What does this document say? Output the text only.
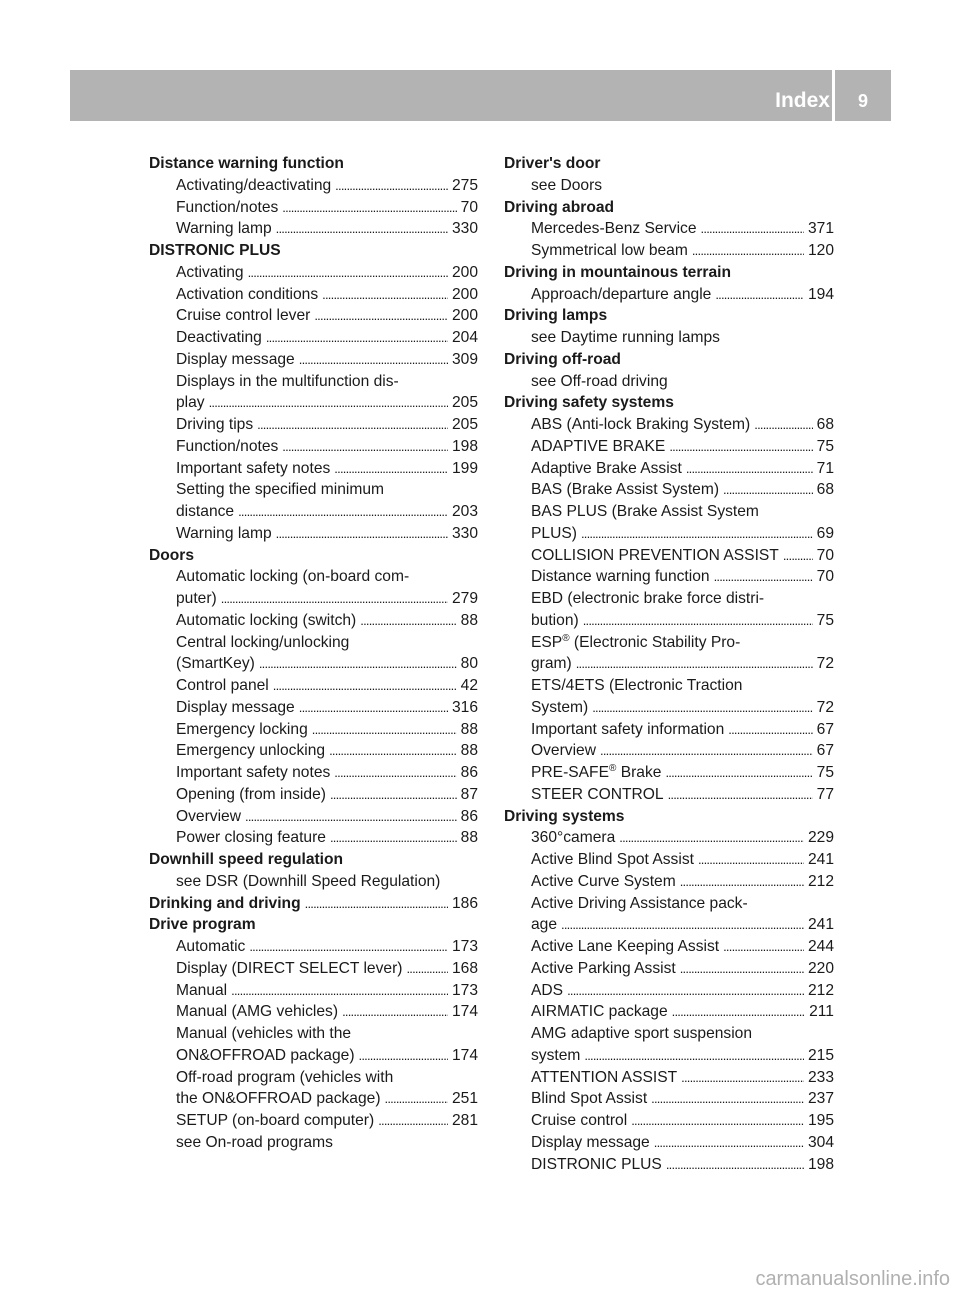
Index	9
Distance warning function
Activating/deactivating . . .	275
Function/notes . . .	70
Warning lamp . . .	330
DISTRONIC PLUS
Activating . . .	200
Activation conditions . . .	200
Cruise control lever . . .	200
Deactivating . . .	204
Display message . . .	309
Displays in the multifunction dis-
play . . .	205
Driving tips . . .	205
Function/notes . . .	198
Important safety notes . . .	199
Setting the specified minimum
distance . . .	203
Warning lamp . . .	330
Doors
Automatic locking (on-board com-
puter) . . .	279
Automatic locking (switch) . . .	88
Central locking/unlocking
(SmartKey) . . .	80
Control panel . . .	42
Display message . . .	316
Emergency locking . . .	88
Emergency unlocking . . .	88
Important safety notes . . .	86
Opening (from inside) . . .	87
Overview . . .	86
Power closing feature . . .	88
Downhill speed regulation
see DSR (Downhill Speed Regulation)
Drinking and driving . . .	186
Drive program
Automatic . . .	173
Display (DIRECT SELECT lever) . . .	168
Manual . . .	173
Manual (AMG vehicles) . . .	174
Manual (vehicles with the
ON&OFFROAD package) . . .	174
Off-road program (vehicles with
the ON&OFFROAD package) . . .	251
SETUP (on-board computer) . . .	281
see On-road programs
Driver's door
see Doors
Driving abroad
Mercedes-Benz Service . . .	371
Symmetrical low beam . . .	120
Driving in mountainous terrain
Approach/departure angle . . .	194
Driving lamps
see Daytime running lamps
Driving off-road
see Off-road driving
Driving safety systems
ABS (Anti-lock Braking System) . . .	68
ADAPTIVE BRAKE . . .	75
Adaptive Brake Assist . . .	71
BAS (Brake Assist System) . . .	68
BAS PLUS (Brake Assist System
PLUS) . . .	69
COLLISION PREVENTION ASSIST . . . 70
Distance warning function . . .	70
EBD (electronic brake force distri-
bution) . . .	75
ESP® (Electronic Stability Pro-
gram) . . .	72
ETS/4ETS (Electronic Traction
System) . . .	72
Important safety information . . .	67
Overview . . .	67
PRE-SAFE® Brake . . .	75
STEER CONTROL . . .	77
Driving systems
360°camera . . .	229
Active Blind Spot Assist . . .	241
Active Curve System . . .	212
Active Driving Assistance pack-
age . . .	241
Active Lane Keeping Assist . . .	244
Active Parking Assist . . .	220
ADS . . .	212
AIRMATIC package . . .	211
AMG adaptive sport suspension
system . . .	215
ATTENTION ASSIST . . .	233
Blind Spot Assist . . .	237
Cruise control . . .	195
Display message . . .	304
DISTRONIC PLUS . . .	198
carmanualsonline.info
